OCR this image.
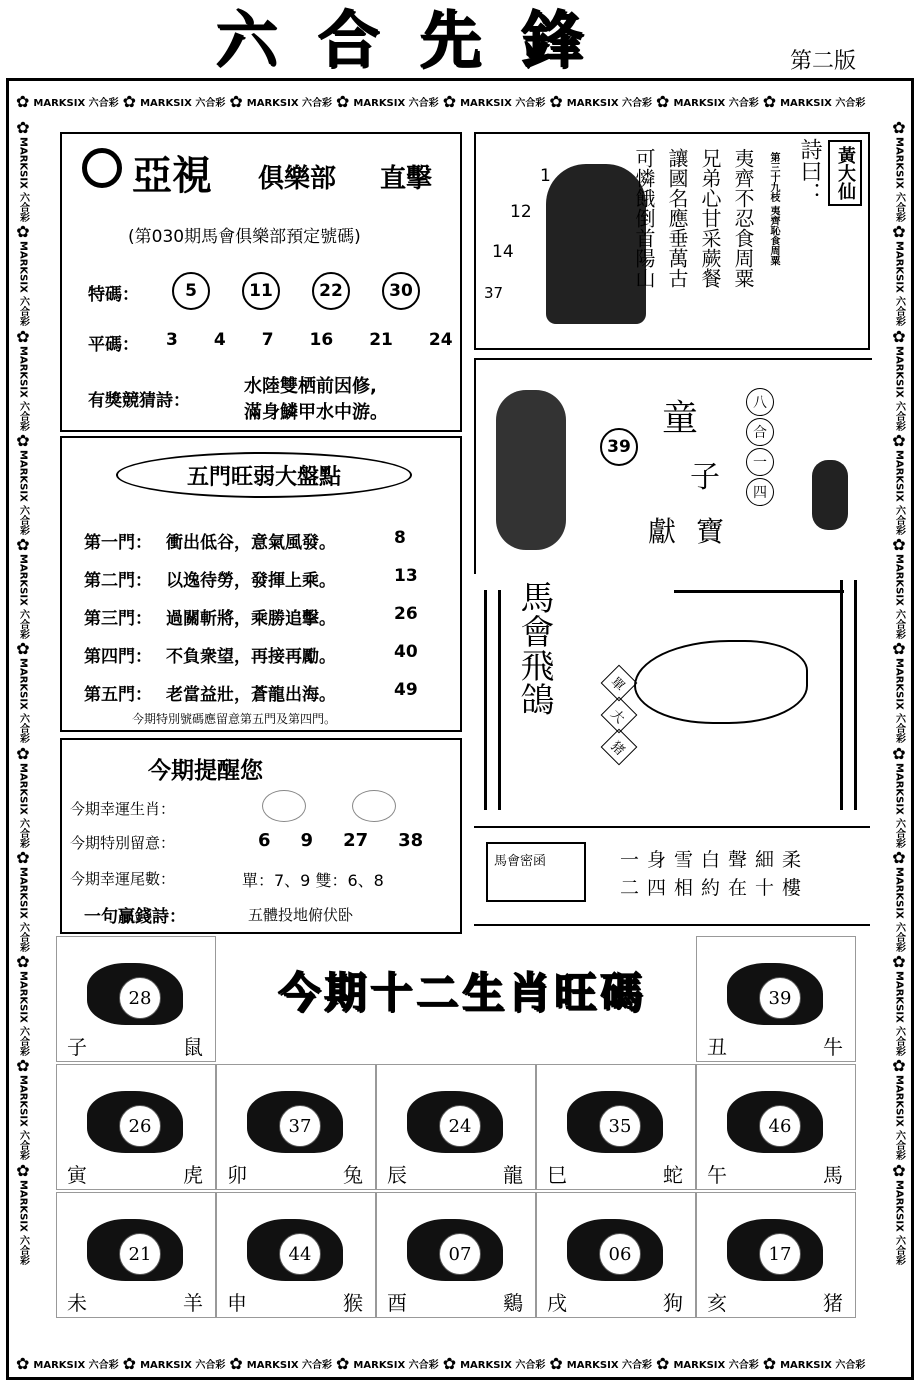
六合先鋒	第二版
✿ MARKSIX 六合彩 ✿ MARKSIX 六合彩 ✿ MARKSIX 六合彩 ✿ MARKSIX 六合彩 ✿ MARKSIX 六合彩 ✿ MARKSIX 六合彩 ✿ MARKSIX 六合彩 ✿ MARKSIX 六合彩
✿ MARKSIX 六合彩 ✿ MARKSIX 六合彩 ✿ MARKSIX 六合彩 ✿ MARKSIX 六合彩 ✿ MARKSIX 六合彩 ✿ MARKSIX 六合彩 ✿ MARKSIX 六合彩 ✿ MARKSIX 六合彩
✿
MARKSIX 六合彩
✿
MARKSIX 六合彩
✿
MARKSIX 六合彩
✿
MARKSIX 六合彩
✿
MARKSIX 六合彩
✿
MARKSIX 六合彩
✿
MARKSIX 六合彩
✿
MARKSIX 六合彩
✿
MARKSIX 六合彩
✿
MARKSIX 六合彩
✿
MARKSIX 六合彩
✿
MARKSIX 六合彩
✿
MARKSIX 六合彩
✿
MARKSIX 六合彩
✿
MARKSIX 六合彩
✿
MARKSIX 六合彩
✿
MARKSIX 六合彩
✿
MARKSIX 六合彩
✿
MARKSIX 六合彩
✿
MARKSIX 六合彩
✿
MARKSIX 六合彩
✿
MARKSIX 六合彩
亞視 俱樂部 直擊
(第030期馬會俱樂部預定號碼)
特碼：	5	11	22	30
平碼： 3 4 7 16 21 24
有獎競猜詩：
水陸雙栖前因修,
滿身鱗甲水中游。
五門旺弱大盤點
第一門： 衝出低谷，意氣風發。	8
第二門： 以逸待勞，發揮上乘。	13
第三門： 過關斬將，乘勝追擊。	26
第四門： 不負衆望，再接再勵。	40
第五門： 老當益壯，蒼龍出海。	49
今期特別號碼應留意第五門及第四門。
今期提醒您
今期幸運生肖：
今期特別留意：	6 9 27 38
今期幸運尾數：	單：7、9 雙：6、8
一句贏錢詩：	五體投地俯伏卧
黃大仙
1
12
14
37
詩曰：
第三十九枝 夷齊恥食周粟
夷齊不忍食周粟
兄弟心甘采蕨餐
讓國名應垂萬古
可憐餓倒首陽山
39
童
子
獻寶
八
合
一
四
馬會飛鴿	單
大
猪
馬會密函	一身雪白聲細柔
二四相約在十樓
今期十二生肖旺碼
28
子	鼠
39
丑	牛
26
寅	虎
37
卯	兔
24
辰	龍
35
巳	蛇
46
午	馬
21
未	羊
44
申	猴
07
酉	鷄
06
戌	狗
17
亥	猪
